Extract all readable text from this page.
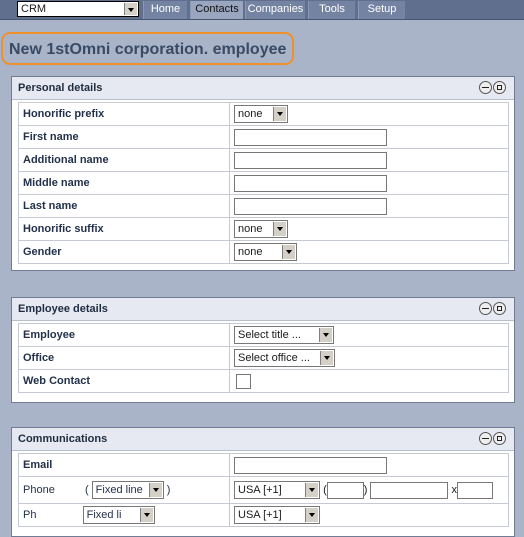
CRM	Home	Contacts Companies	Tools	Setup
New 1stOmni corporation. employee
Personal details
Honorific prefix	none

First name	

Additional name	

Middle name	

Last name	

Honorific suffix	none

Gender	none
Employee details
Employee	Select title ...

Office	Select office ...

Web Contact	
Communications
Email	

Phone ( Fixed line )	USA [+1] ( ) x
Ph Fixed li	USA [+1]
